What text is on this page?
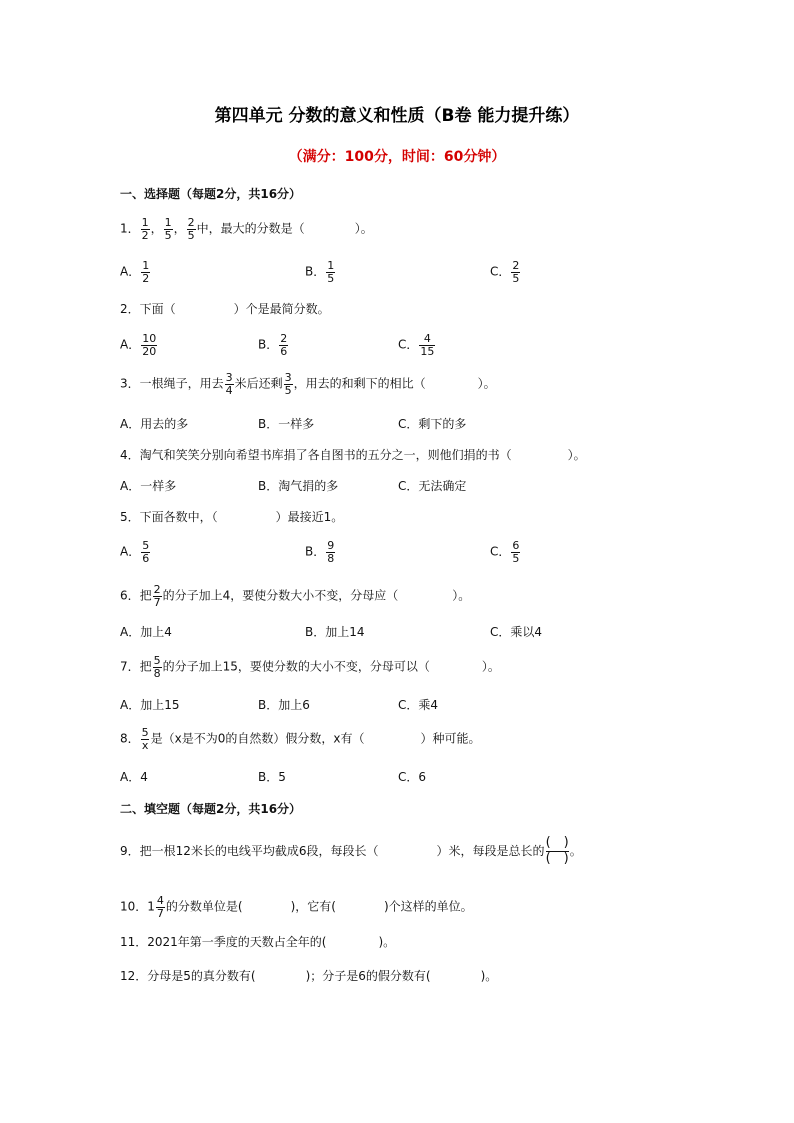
第四单元 分数的意义和性质（B卷 能力提升练）
（满分：100分，时间：60分钟）
一、选择题（每题2分，共16分）
1． $\frac{1}{2}$ ， $\frac{1}{5}$ ， $\frac{2}{5}$ 中，最大的分数是（	）。
A． $\frac{1}{2}$	B． $\frac{1}{5}$	C． $\frac{2}{5}$
2．下面（	）个是最简分数。
A． $\frac{10}{20}$	B． $\frac{2}{6}$	C． $\frac{4}{15}$
3．一根绳子，用去 $\frac{3}{4}$ 米后还剩 $\frac{3}{5}$ ，用去的和剩下的相比（	）。
A．用去的多	B．一样多	C．剩下的多
4．淘气和笑笑分别向希望书库捐了各自图书的五分之一，则他们捐的书（	）。
A．一样多	B．淘气捐的多	C．无法确定
5．下面各数中，（	）最接近1。
A． $\frac{5}{6}$	B． $\frac{9}{8}$	C． $\frac{6}{5}$
6．把 $\frac{2}{7}$ 的分子加上4，要使分数大小不变，分母应（	）。
A．加上4	B．加上14	C．乘以4
7．把 $\frac{5}{8}$ 的分子加上15，要使分数的大小不变，分母可以（	）。
A．加上15	B．加上6	C．乘4
8． $\frac{5}{x}$ 是（x是不为0的自然数）假分数，x有（	）种可能。
A．4	B．5	C．6
二、填空题（每题2分，共16分）
9．把一根12米长的电线平均截成6段，每段长（	）米，每段是总长的 $\frac{( )}{( )}$ 。
10．$1 \frac{4}{7}$ 的分数单位是(	)，它有(	)个这样的单位。
11．2021年第一季度的天数占全年的(	)。
12．分母是5的真分数有(	)；分子是6的假分数有(	)。
